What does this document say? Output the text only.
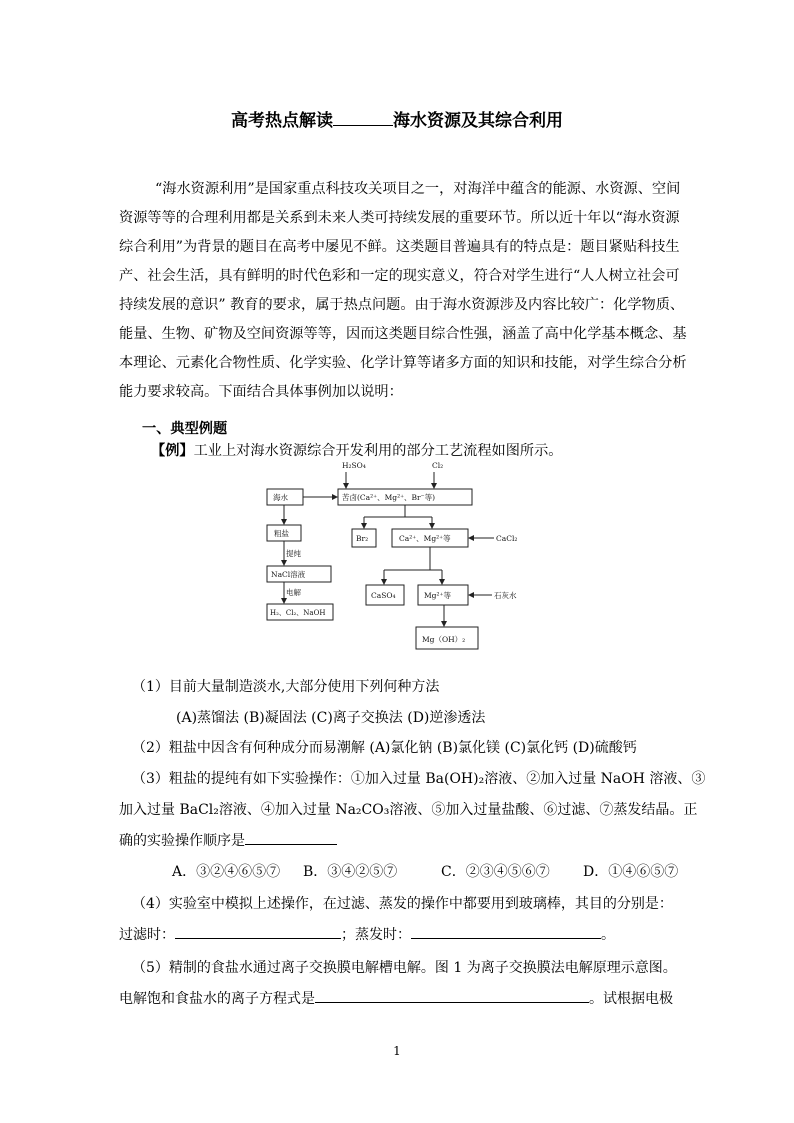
高考热点解读	海水资源及其综合利用
“海水资源利用”是国家重点科技攻关项目之一，对海洋中蕴含的能源、水资源、空间
资源等等的合理利用都是关系到未来人类可持续发展的重要环节。所以近十年以“海水资源
综合利用”为背景的题目在高考中屡见不鲜。这类题目普遍具有的特点是：题目紧贴科技生
产、社会生活，具有鲜明的时代色彩和一定的现实意义，符合对学生进行“人人树立社会可
持续发展的意识” 教育的要求，属于热点问题。由于海水资源涉及内容比较广：化学物质、
能量、生物、矿物及空间资源等等，因而这类题目综合性强，涵盖了高中化学基本概念、基
本理论、元素化合物性质、化学实验、化学计算等诸多方面的知识和技能，对学生综合分析
能力要求较高。下面结合具体事例加以说明：
一、典型例题
【例】工业上对海水资源综合开发利用的部分工艺流程如图所示。
H₂SO₄	Cl₂
海水	苦卤(Ca²⁺、Mg²⁺、Br⁻等)
粗盐
提纯
NaCl溶液
电解
H₂、Cl₂、NaOH
Br₂	Ca²⁺、Mg²⁺等	CaCl₂
CaSO₄	Mg²⁺等	石灰水
Mg（OH）₂
（1）目前大量制造淡水,大部分使用下列何种方法
(A)蒸馏法 (B)凝固法 (C)离子交换法 (D)逆渗透法
（2）粗盐中因含有何种成分而易潮解 (A)氯化钠 (B)氯化镁 (C)氯化钙 (D)硫酸钙
（3）粗盐的提纯有如下实验操作：①加入过量 Ba(OH)₂溶液、②加入过量 NaOH 溶液、③
加入过量 BaCl₂溶液、④加入过量 Na₂CO₃溶液、⑤加入过量盐酸、⑥过滤、⑦蒸发结晶。正
确的实验操作顺序是
A．③②④⑥⑤⑦ B．③④②⑤⑦	C．②③④⑤⑥⑦ D．①④⑥⑤⑦
（4）实验室中模拟上述操作，在过滤、蒸发的操作中都要用到玻璃棒，其目的分别是：
过滤时：	；蒸发时：	。
（5）精制的食盐水通过离子交换膜电解槽电解。图 1 为离子交换膜法电解原理示意图。
电解饱和食盐水的离子方程式是	。试根据电极
1
